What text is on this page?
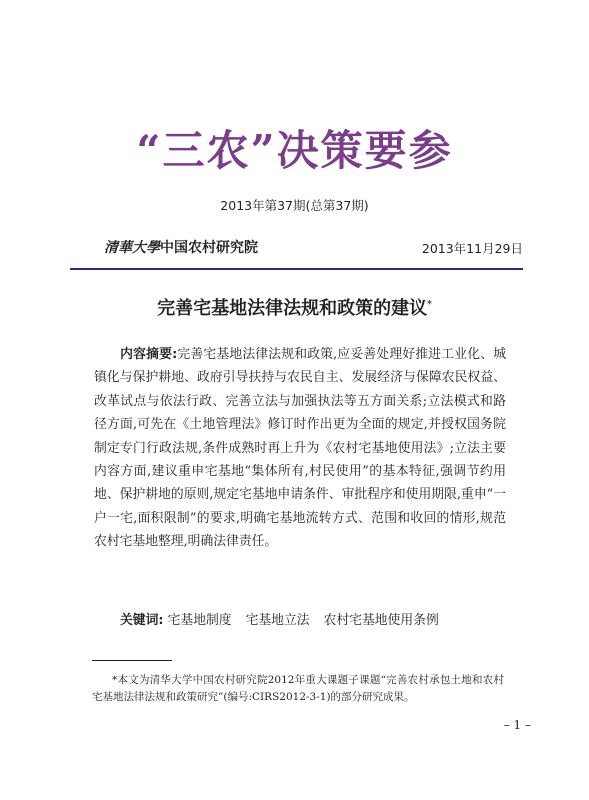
“三农”决策要参
2013年第37期(总第37期)
清華大學中国农村研究院	2013年11月29日
完善宅基地法律法规和政策的建议*
内容摘要:完善宅基地法律法规和政策,应妥善处理好推进工业化、城镇化与保护耕地、政府引导扶持与农民自主、发展经济与保障农民权益、改革试点与依法行政、完善立法与加强执法等五方面关系;立法模式和路径方面,可先在《土地管理法》修订时作出更为全面的规定,并授权国务院制定专门行政法规,条件成熟时再上升为《农村宅基地使用法》;立法主要内容方面,建议重申宅基地“集体所有,村民使用”的基本特征,强调节约用地、保护耕地的原则,规定宅基地申请条件、审批程序和使用期限,重申“一户一宅,面积限制”的要求,明确宅基地流转方式、范围和收回的情形,规范农村宅基地整理,明确法律责任。
关键词: 宅基地制度 宅基地立法 农村宅基地使用条例
*本文为清华大学中国农村研究院2012年重大课题子课题“完善农村承包土地和农村宅基地法律法规和政策研究”(编号:CIRS2012-3-1)的部分研究成果。
– 1 –
